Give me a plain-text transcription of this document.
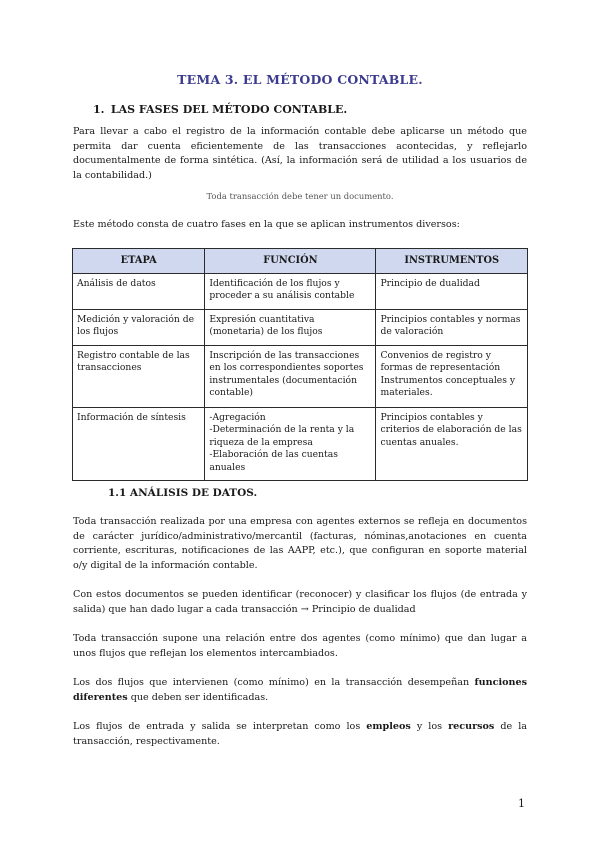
TEMA 3. EL MÉTODO CONTABLE.
1. LAS FASES DEL MÉTODO CONTABLE.

Para llevar a cabo el registro de la información contable debe aplicarse un método que permita dar cuenta eficientemente de las transacciones acontecidas, y reflejarlo documentalmente de forma sintética. (Así, la información será de utilidad a los usuarios de la contabilidad.)

Toda transacción debe tener un documento.

Este método consta de cuatro fases en la que se aplican instrumentos diversos:

ETAPA	FUNCIÓN	INSTRUMENTOS
Análisis de datos	Identificación de los flujos y proceder a su análisis contable	Principio de dualidad

Medición y valoración de los flujos	Expresión cuantitativa (monetaria) de los flujos	Principios contables y normas de valoración

Registro contable de las transacciones	Inscripción de las transacciones en los correspondientes soportes instrumentales (documentación contable)	Convenios de registro y formas de representación
Instrumentos conceptuales y materiales.

Información de síntesis	-Agregación
-Determinación de la renta y la riqueza de la empresa
-Elaboración de las cuentas anuales	Principios contables y criterios de elaboración de las cuentas anuales.
1.1 ANÁLISIS DE DATOS.

Toda transacción realizada por una empresa con agentes externos se refleja en documentos de carácter jurídico/administrativo/mercantil (facturas, nóminas,anotaciones en cuenta corriente, escrituras, notificaciones de las AAPP, etc.), que configuran en soporte material o/y digital de la información contable.

Con estos documentos se pueden identificar (reconocer) y clasificar los flujos (de entrada y salida) que han dado lugar a cada transacción → Principio de dualidad

Toda transacción supone una relación entre dos agentes (como mínimo) que dan lugar a unos flujos que reflejan los elementos intercambiados.

Los dos flujos que intervienen (como mínimo) en la transacción desempeñan funciones diferentes que deben ser identificadas.

Los flujos de entrada y salida se interpretan como los empleos y los recursos de la transacción, respectivamente.

1
